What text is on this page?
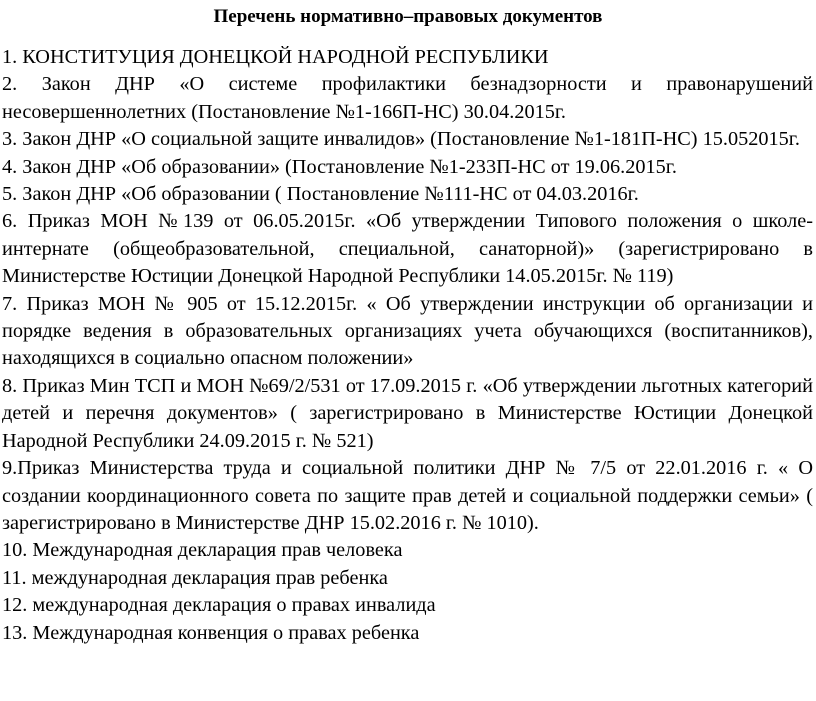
Перечень нормативно–правовых документов
1. КОНСТИТУЦИЯ ДОНЕЦКОЙ НАРОДНОЙ РЕСПУБЛИКИ
2. Закон ДНР «О системе профилактики безнадзорности и правонарушений несовершеннолетних (Постановление №1-166П-НС) 30.04.2015г.
3. Закон ДНР «О социальной защите инвалидов» (Постановление №1-181П-НС) 15.052015г.
4. Закон ДНР «Об образовании» (Постановление №1-233П-НС от 19.06.2015г.
5. Закон ДНР «Об образовании ( Постановление №111-НС от 04.03.2016г.
6. Приказ МОН №139 от 06.05.2015г. «Об утверждении Типового положения о школе-интернате (общеобразовательной, специальной, санаторной)» (зарегистрировано в Министерстве Юстиции Донецкой Народной Республики 14.05.2015г. № 119)
7. Приказ МОН № 905 от 15.12.2015г. « Об утверждении инструкции об организации и порядке ведения в образовательных организациях учета обучающихся (воспитанников), находящихся в социально опасном положении»
8. Приказ Мин ТСП и МОН №69/2/531 от 17.09.2015 г. «Об утверждении льготных категорий детей и перечня документов» ( зарегистрировано в Министерстве Юстиции Донецкой Народной Республики 24.09.2015 г. № 521)
9.Приказ Министерства труда и социальной политики ДНР № 7/5 от 22.01.2016 г. « О создании координационного совета по защите прав детей и социальной поддержки семьи» ( зарегистрировано в Министерстве ДНР 15.02.2016 г. № 1010).
10. Международная декларация прав человека
11. международная декларация прав ребенка
12. международная декларация о правах инвалида
13. Международная конвенция о правах ребенка
